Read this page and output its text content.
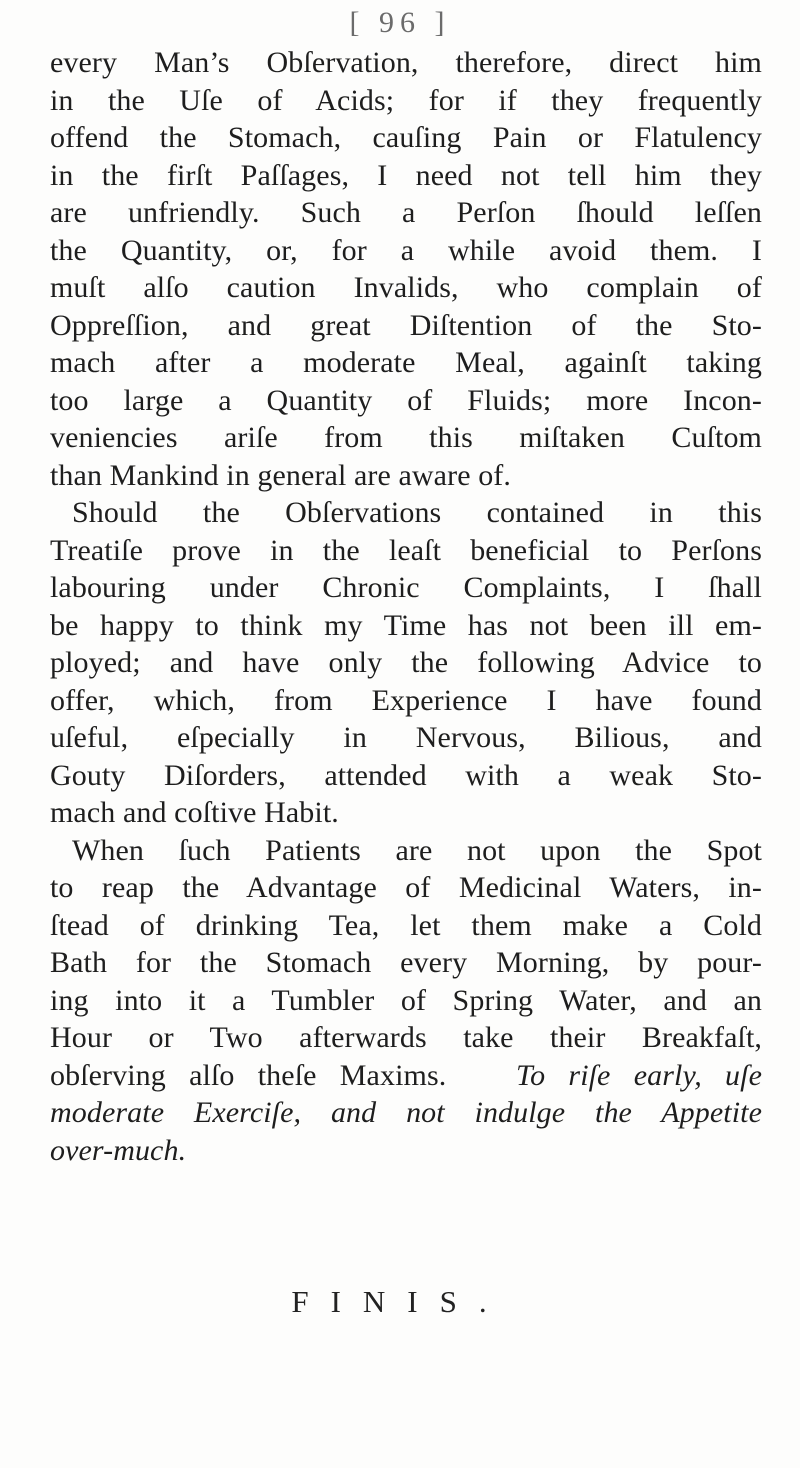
[ 96 ]
every Man’s Obſervation, therefore, direct him
in the Uſe of Acids; for if they frequently
offend the Stomach, cauſing Pain or Flatulency
in the firſt Paſſages, I need not tell him they
are unfriendly. Such a Perſon ſhould leſſen
the Quantity, or, for a while avoid them. I
muſt alſo caution Invalids, who complain of
Oppreſſion, and great Diſtention of the Sto-
mach after a moderate Meal, againſt taking
too large a Quantity of Fluids; more Incon-
veniencies ariſe from this miſtaken Cuſtom
than Mankind in general are aware of.
Should the Obſervations contained in this
Treatiſe prove in the leaſt beneficial to Perſons
labouring under Chronic Complaints, I ſhall
be happy to think my Time has not been ill em-
ployed; and have only the following Advice to
offer, which, from Experience I have found
uſeful, eſpecially in Nervous, Bilious, and
Gouty Diſorders, attended with a weak Sto-
mach and coſtive Habit.
When ſuch Patients are not upon the Spot
to reap the Advantage of Medicinal Waters, in-
ſtead of drinking Tea, let them make a Cold
Bath for the Stomach every Morning, by pour-
ing into it a Tumbler of Spring Water, and an
Hour or Two afterwards take their Breakfaſt,
obſerving alſo theſe Maxims. To riſe early, uſe
moderate Exerciſe, and not indulge the Appetite
over-much.
FINIS.
